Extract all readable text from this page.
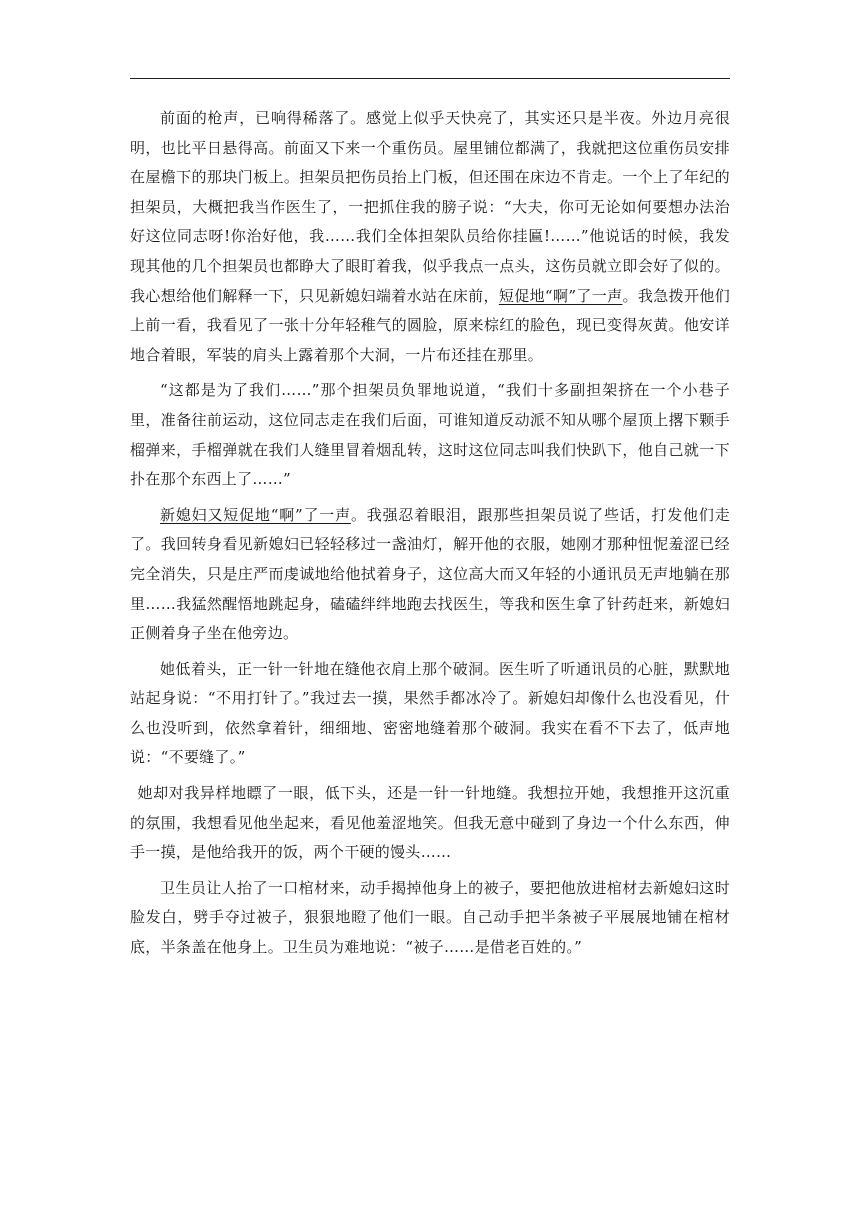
前面的枪声，已响得稀落了。感觉上似乎天快亮了，其实还只是半夜。外边月亮很明，也比平日悬得高。前面又下来一个重伤员。屋里铺位都满了，我就把这位重伤员安排在屋檐下的那块门板上。担架员把伤员抬上门板，但还围在床边不肯走。一个上了年纪的担架员，大概把我当作医生了，一把抓住我的膀子说：“大夫，你可无论如何要想办法治好这位同志呀!你治好他，我……我们全体担架队员给你挂匾!……”他说话的时候，我发现其他的几个担架员也都睁大了眼盯着我，似乎我点一点头，这伤员就立即会好了似的。我心想给他们解释一下，只见新媳妇端着水站在床前，短促地“啊”了一声。我急拨开他们上前一看，我看见了一张十分年轻稚气的圆脸，原来棕红的脸色，现已变得灰黄。他安详地合着眼，军装的肩头上露着那个大洞，一片布还挂在那里。

“这都是为了我们……”那个担架员负罪地说道，“我们十多副担架挤在一个小巷子里，准备往前运动，这位同志走在我们后面，可谁知道反动派不知从哪个屋顶上撂下颗手榴弹来，手榴弹就在我们人缝里冒着烟乱转，这时这位同志叫我们快趴下，他自己就一下扑在那个东西上了……”

新媳妇又短促地“啊”了一声。我强忍着眼泪，跟那些担架员说了些话，打发他们走了。我回转身看见新媳妇已轻轻移过一盏油灯，解开他的衣服，她刚才那种忸怩羞涩已经完全消失，只是庄严而虔诚地给他拭着身子，这位高大而又年轻的小通讯员无声地躺在那里……我猛然醒悟地跳起身，磕磕绊绊地跑去找医生，等我和医生拿了针药赶来，新媳妇正侧着身子坐在他旁边。

她低着头，正一针一针地在缝他衣肩上那个破洞。医生听了听通讯员的心脏，默默地站起身说：“不用打针了。”我过去一摸，果然手都冰冷了。新媳妇却像什么也没看见，什么也没听到，依然拿着针，细细地、密密地缝着那个破洞。我实在看不下去了，低声地说：“不要缝了。”

她却对我异样地瞟了一眼，低下头，还是一针一针地缝。我想拉开她，我想推开这沉重的氛围，我想看见他坐起来，看见他羞涩地笑。但我无意中碰到了身边一个什么东西，伸手一摸，是他给我开的饭，两个干硬的馒头……

卫生员让人抬了一口棺材来，动手揭掉他身上的被子，要把他放进棺材去新媳妇这时脸发白，劈手夺过被子，狠狠地瞪了他们一眼。自己动手把半条被子平展展地铺在棺材底，半条盖在他身上。卫生员为难地说：“被子……是借老百姓的。”
